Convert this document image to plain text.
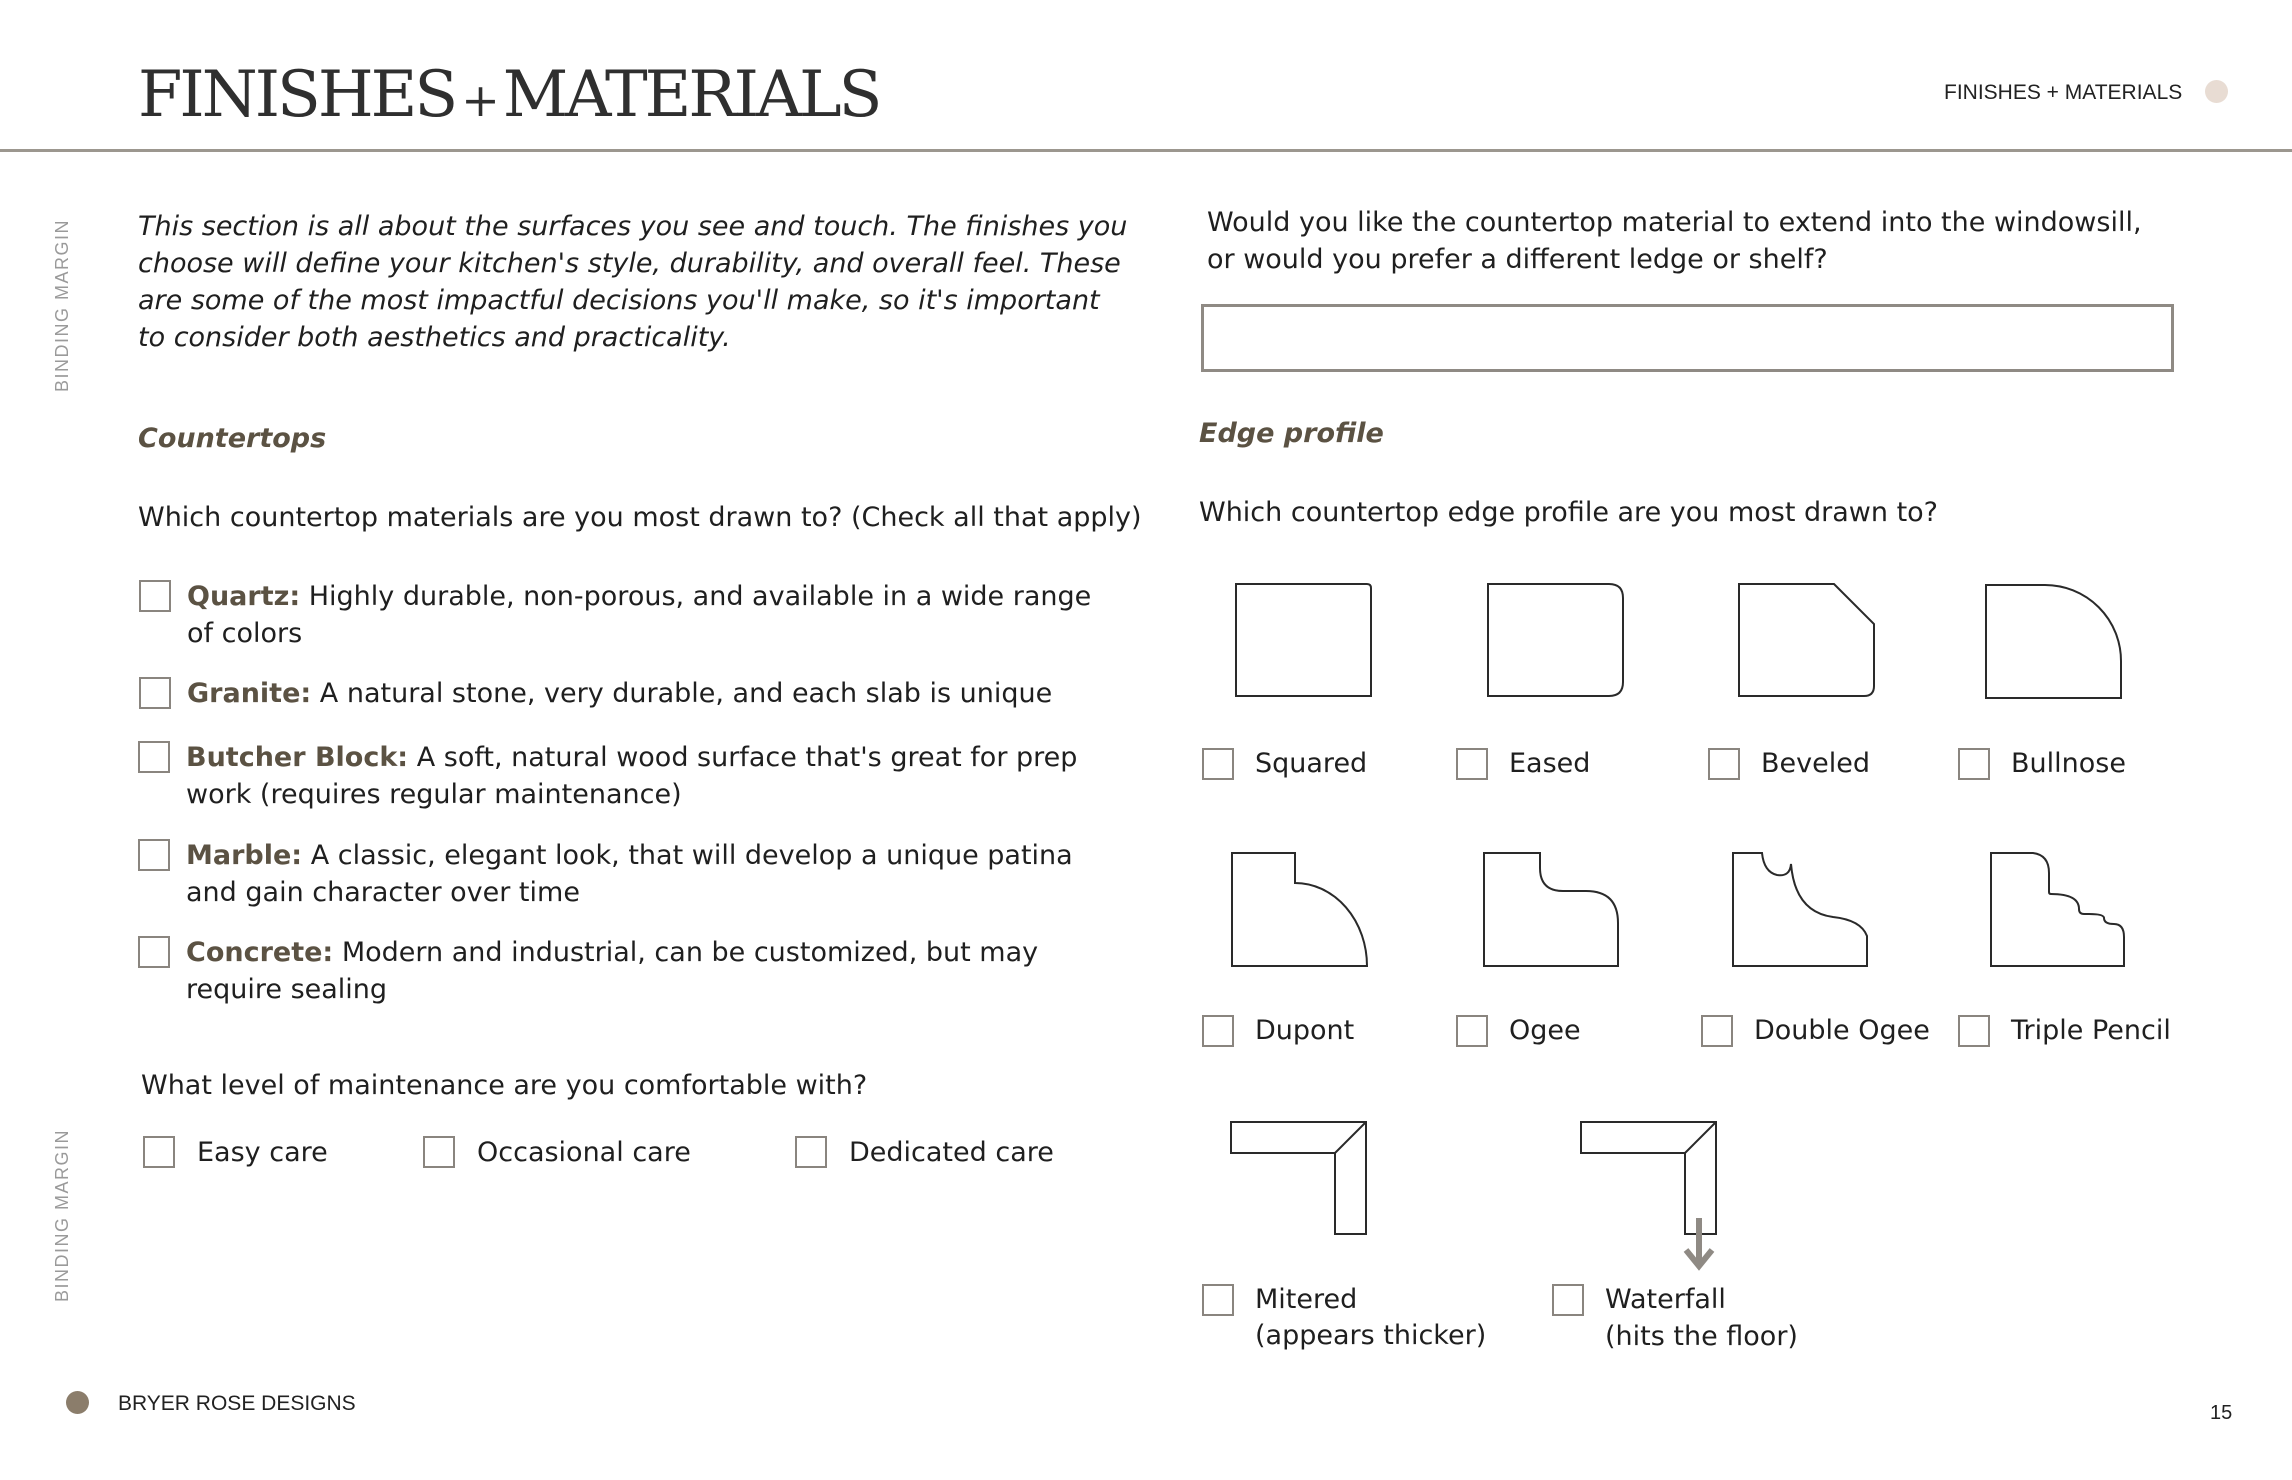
FINISHES +MATERIALS	FINISHES + MATERIALS
BINDING MARGIN
BINDING MARGIN

This section is all about the surfaces you see and touch. The finishes you choose will define your kitchen's style, durability, and overall feel. These are some of the most impactful decisions you'll make, so it's important to consider both aesthetics and practicality.

Countertops
Which countertop materials are you most drawn to? (Check all that apply)
Quartz: Highly durable, non-porous, and available in a wide range of colors
Granite: A natural stone, very durable, and each slab is unique
Butcher Block: A soft, natural wood surface that's great for prep work (requires regular maintenance)
Marble: A classic, elegant look, that will develop a unique patina and gain character over time
Concrete: Modern and industrial, can be customized, but may require sealing
What level of maintenance are you comfortable with?
Easy care	Occasional care	Dedicated care
Would you like the countertop material to extend into the windowsill, or would you prefer a different ledge or shelf?
Edge profile
Which countertop edge profile are you most drawn to?
Squared	Eased	Beveled	Bullnose
Dupont	Ogee	Double Ogee	Triple Pencil
Mitered
(appears thicker)
Waterfall
(hits the floor)
BRYER ROSE DESIGNS	15
